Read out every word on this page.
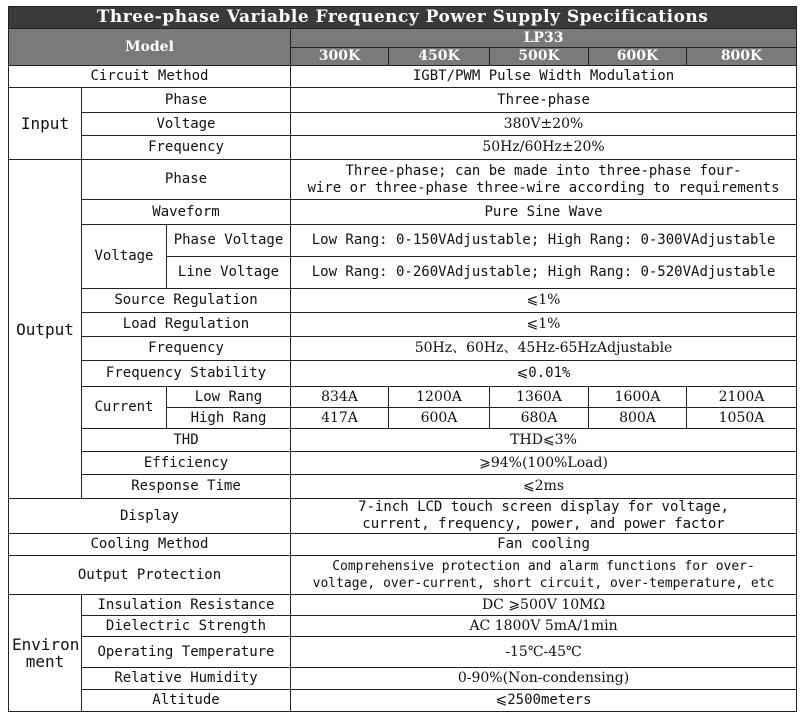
Three-phase Variable Frequency Power Supply Specifications							
Model			LP33				
			300K	450K	500K	600K	800K
Circuit Method			IGBT/PWM Pulse Width Modulation				
Input	Phase		Three-phase				
	Voltage		380V±20%				
	Frequency		50Hz/60Hz±20%				
Output	Phase		Three-phase; can be made into three-phase four-
wire or three-phase three-wire according to requirements				

	Waveform		Pure Sine Wave				
	Voltage	Phase Voltage	Low Rang: 0-150VAdjustable; High Rang: 0-300VAdjustable				
		Line Voltage	Low Rang: 0-260VAdjustable; High Rang: 0-520VAdjustable				
	Source Regulation		⩽1%				
	Load Regulation		⩽1%				
	Frequency		50Hz、60Hz、45Hz-65HzAdjustable				
	Frequency Stability		⩽0.01%				
	Current	Low Rang	834A	1200A	1360A	1600A	2100A
		High Rang	417A	600A	680A	800A	1050A
	THD		THD⩽3%				
	Efficiency		⩾94%(100%Load)				
	Response Time		⩽2ms				
Display			7-inch LCD touch screen display for voltage,
current, frequency, power, and power factor				

Cooling Method			Fan cooling				
Output Protection			Comprehensive protection and alarm functions for over-
voltage, over-current, short circuit, over-temperature, etc				

Environ
ment	Insulation Resistance		DC ⩾500V 10MΩ				
	Dielectric Strength		AC 1800V 5mA/1min				
	Operating Temperature		-15℃-45℃				
	Relative Humidity		0-90%(Non-condensing)				
	Altitude		⩽2500meters				
